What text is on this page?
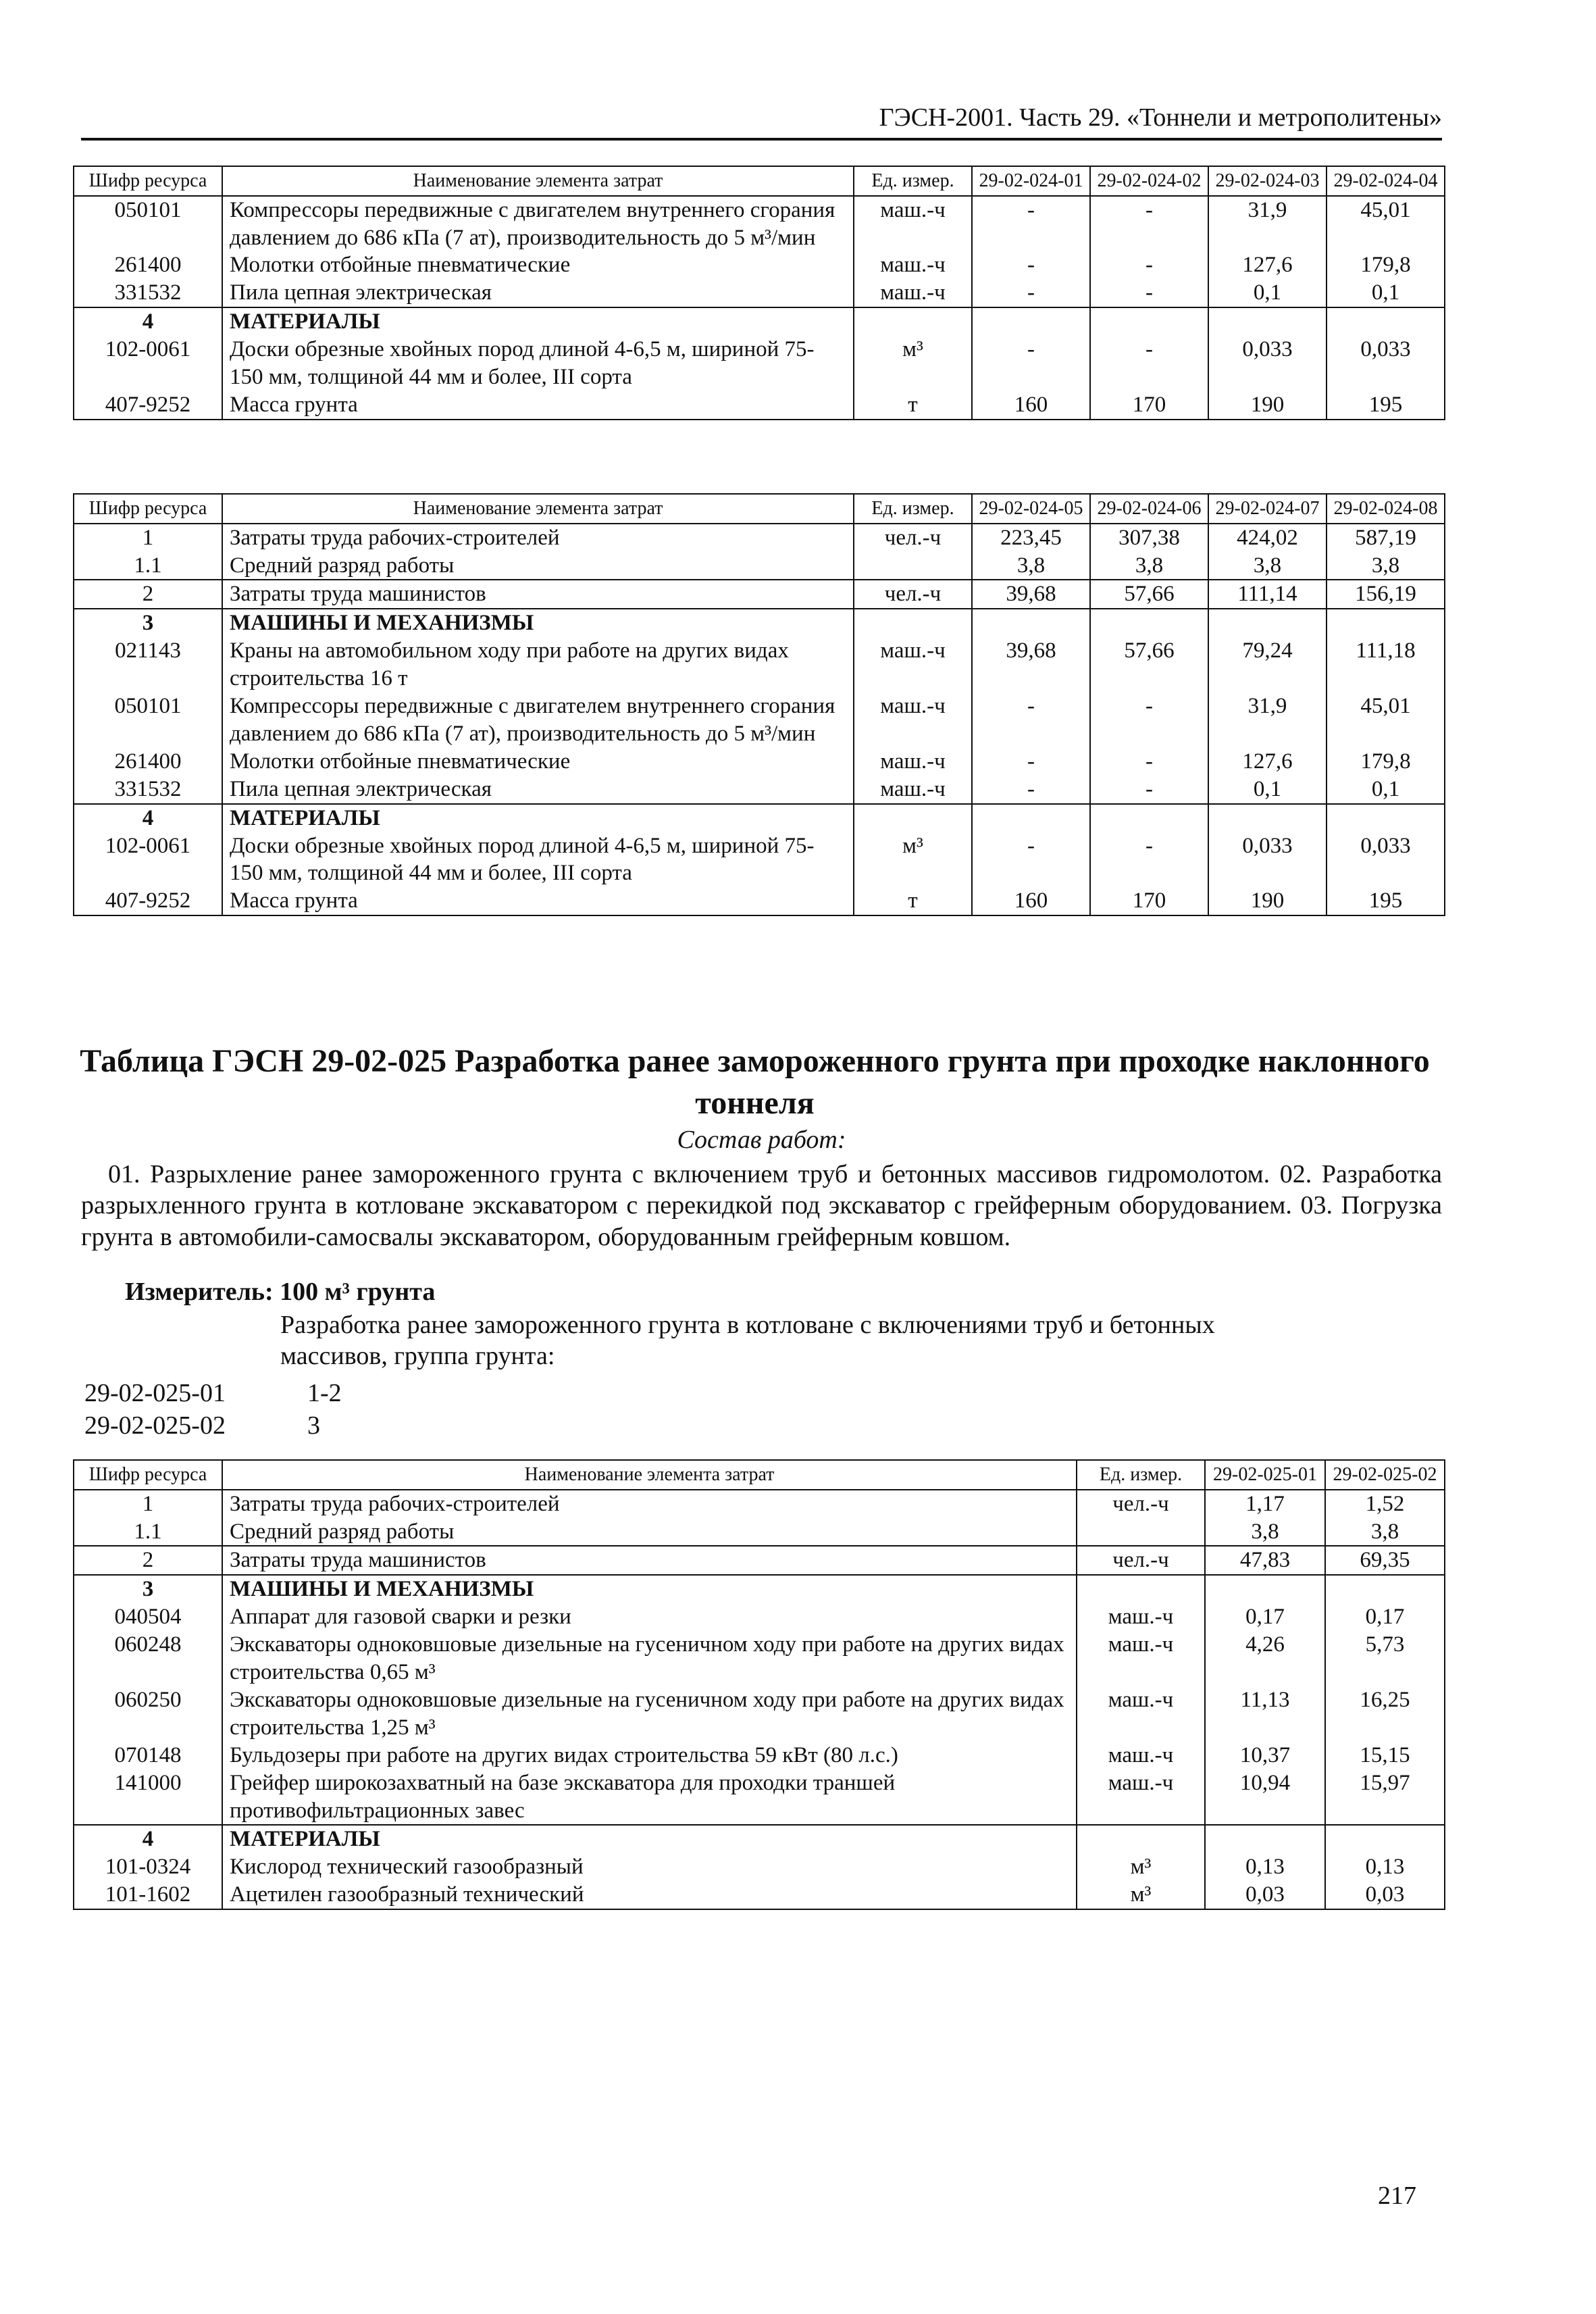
ГЭСН-2001. Часть 29. «Тоннели и метрополитены»
Шифр ресурса	Наименование элемента затрат	Ед. измер.	29-02-024-01	29-02-024-02	29-02-024-03	29-02-024-04
050101	Компрессоры передвижные с двигателем внутреннего сгорания давлением до 686 кПа (7 ат), производительность до 5 м³/мин	маш.-ч	-	-	31,9	45,01
261400	Молотки отбойные пневматические	маш.-ч	-	-	127,6	179,8
331532	Пила цепная электрическая	маш.-ч	-	-	0,1	0,1
4	МАТЕРИАЛЫ					
102-0061	Доски обрезные хвойных пород длиной 4-6,5 м, шириной 75-150 мм, толщиной 44 мм и более, III сорта	м³	-	-	0,033	0,033
407-9252	Масса грунта	т	160	170	190	195
Шифр ресурса	Наименование элемента затрат	Ед. измер.	29-02-024-05	29-02-024-06	29-02-024-07	29-02-024-08
1	Затраты труда рабочих-строителей	чел.-ч	223,45	307,38	424,02	587,19
1.1	Средний разряд работы		3,8	3,8	3,8	3,8
2	Затраты труда машинистов	чел.-ч	39,68	57,66	111,14	156,19
3	МАШИНЫ И МЕХАНИЗМЫ					
021143	Краны на автомобильном ходу при работе на других видах строительства 16 т	маш.-ч	39,68	57,66	79,24	111,18
050101	Компрессоры передвижные с двигателем внутреннего сгорания давлением до 686 кПа (7 ат), производительность до 5 м³/мин	маш.-ч	-	-	31,9	45,01
261400	Молотки отбойные пневматические	маш.-ч	-	-	127,6	179,8
331532	Пила цепная электрическая	маш.-ч	-	-	0,1	0,1
4	МАТЕРИАЛЫ					
102-0061	Доски обрезные хвойных пород длиной 4-6,5 м, шириной 75-150 мм, толщиной 44 мм и более, III сорта	м³	-	-	0,033	0,033
407-9252	Масса грунта	т	160	170	190	195
Таблица ГЭСН 29-02-025 Разработка ранее замороженного грунта при проходке наклонного тоннеля
Состав работ:
01. Разрыхление ранее замороженного грунта с включением труб и бетонных массивов гидромолотом. 02. Разработка разрыхленного грунта в котловане экскаватором с перекидкой под экскаватор с грейферным оборудованием. 03. Погрузка грунта в автомобили-самосвалы экскаватором, оборудованным грейферным ковшом.
Измеритель: 100 м³ грунта
Разработка ранее замороженного грунта в котловане с включениями труб и бетонных массивов, группа грунта:
29-02-025-01	1-2
29-02-025-02	3
Шифр ресурса	Наименование элемента затрат	Ед. измер.	29-02-025-01	29-02-025-02
1	Затраты труда рабочих-строителей	чел.-ч	1,17	1,52
1.1	Средний разряд работы		3,8	3,8
2	Затраты труда машинистов	чел.-ч	47,83	69,35
3	МАШИНЫ И МЕХАНИЗМЫ			
040504	Аппарат для газовой сварки и резки	маш.-ч	0,17	0,17
060248	Экскаваторы одноковшовые дизельные на гусеничном ходу при работе на других видах строительства 0,65 м³	маш.-ч	4,26	5,73
060250	Экскаваторы одноковшовые дизельные на гусеничном ходу при работе на других видах строительства 1,25 м³	маш.-ч	11,13	16,25
070148	Бульдозеры при работе на других видах строительства 59 кВт (80 л.с.)	маш.-ч	10,37	15,15
141000	Грейфер широкозахватный на базе экскаватора для проходки траншей противофильтрационных завес	маш.-ч	10,94	15,97
4	МАТЕРИАЛЫ			
101-0324	Кислород технический газообразный	м³	0,13	0,13
101-1602	Ацетилен газообразный технический	м³	0,03	0,03
217
